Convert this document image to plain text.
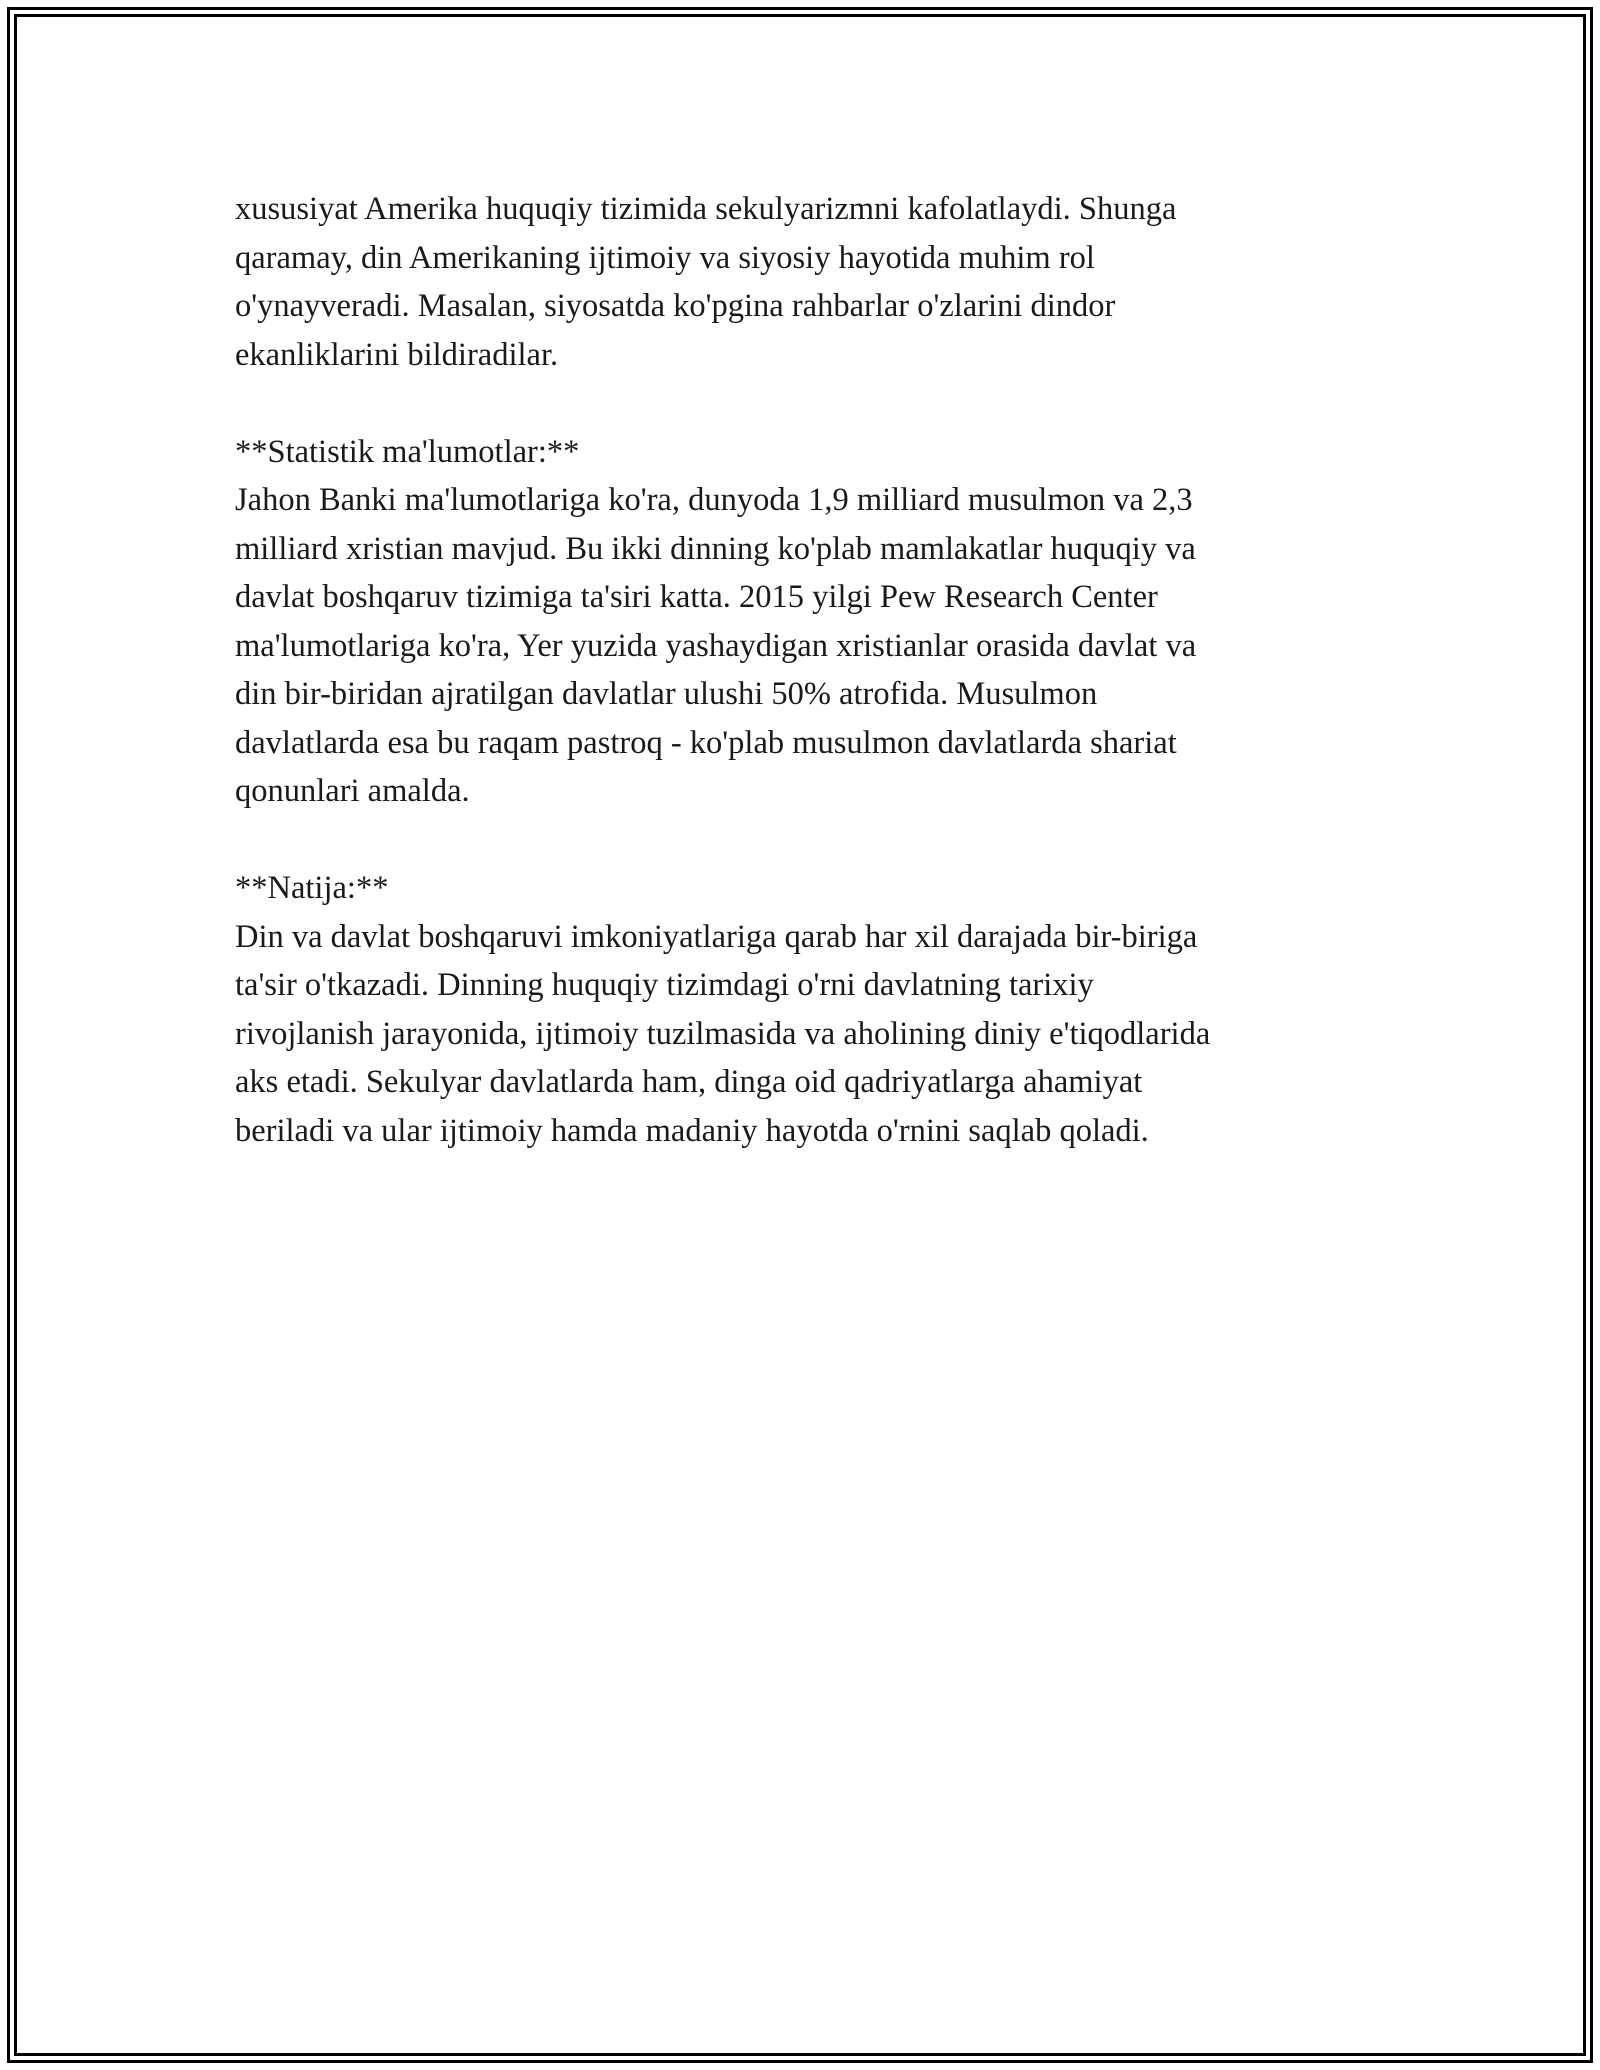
xususiyat Amerika huquqiy tizimida sekulyarizmni kafolatlaydi. Shunga
qaramay, din Amerikaning ijtimoiy va siyosiy hayotida muhim rol
o'ynayveradi. Masalan, siyosatda ko'pgina rahbarlar o'zlarini dindor
ekanliklarini bildiradilar.

**Statistik ma'lumotlar:**

Jahon Banki ma'lumotlariga ko'ra, dunyoda 1,9 milliard musulmon va 2,3
milliard xristian mavjud. Bu ikki dinning ko'plab mamlakatlar huquqiy va
davlat boshqaruv tizimiga ta'siri katta. 2015 yilgi Pew Research Center
ma'lumotlariga ko'ra, Yer yuzida yashaydigan xristianlar orasida davlat va
din bir-biridan ajratilgan davlatlar ulushi 50% atrofida. Musulmon
davlatlarda esa bu raqam pastroq - ko'plab musulmon davlatlarda shariat
qonunlari amalda.

**Natija:**

Din va davlat boshqaruvi imkoniyatlariga qarab har xil darajada bir-biriga
ta'sir o'tkazadi. Dinning huquqiy tizimdagi o'rni davlatning tarixiy
rivojlanish jarayonida, ijtimoiy tuzilmasida va aholining diniy e'tiqodlarida
aks etadi. Sekulyar davlatlarda ham, dinga oid qadriyatlarga ahamiyat
beriladi va ular ijtimoiy hamda madaniy hayotda o'rnini saqlab qoladi.
